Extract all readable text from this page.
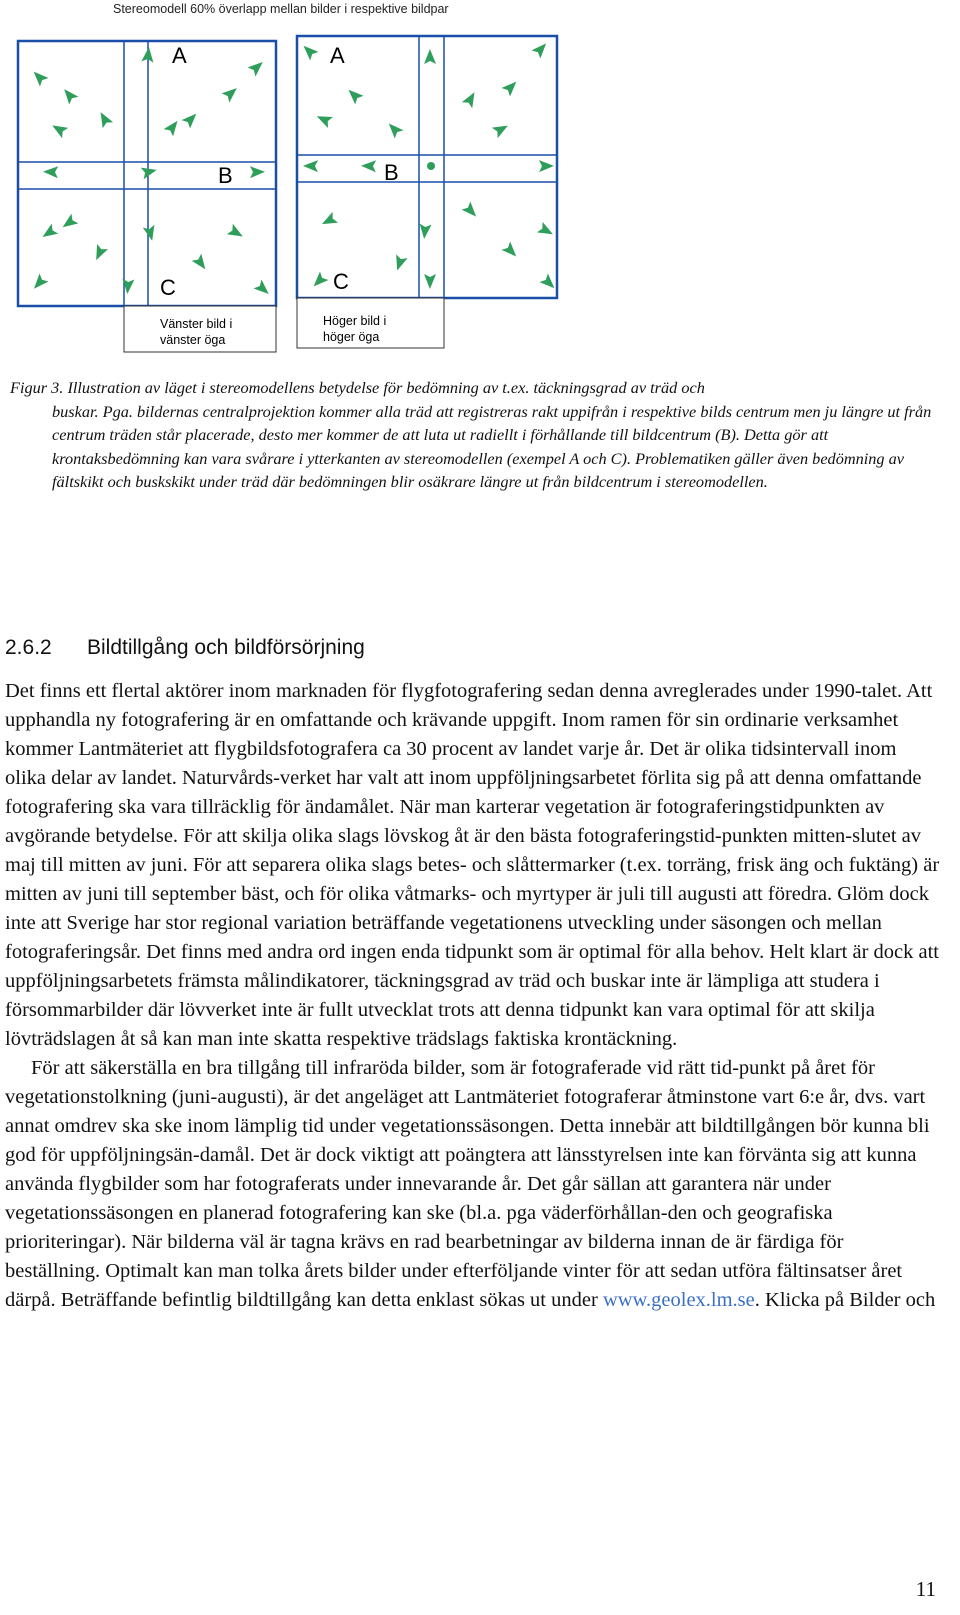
Stereomodell 60% överlapp mellan bilder i respektive bildpar
A
B
C
Vänster bild i
vänster öga
A
B
C
Höger bild i
höger öga
Figur 3. Illustration av läget i stereomodellens betydelse för bedömning av t.ex. täckningsgrad av träd och
buskar. Pga. bildernas centralprojektion kommer alla träd att registreras rakt uppifrån i respektive bilds centrum men ju längre ut från centrum träden står placerade, desto mer kommer de att luta ut radiellt i förhållande till bildcentrum (B). Detta gör att krontaksbedömning kan vara svårare i ytterkanten av stereomodellen (exempel A och C). Problematiken gäller även bedömning av fältskikt och buskskikt under träd där bedömningen blir osäkrare längre ut från bildcentrum i stereomodellen.
2.6.2 Bildtillgång och bildförsörjning

Det finns ett flertal aktörer inom marknaden för flygfotografering sedan denna avreglerades under 1990-talet. Att upphandla ny fotografering är en omfattande och krävande uppgift. Inom ramen för sin ordinarie verksamhet kommer Lantmäteriet att flygbildsfotografera ca 30 procent av landet varje år. Det är olika tidsintervall inom olika delar av landet. Naturvårds-verket har valt att inom uppföljningsarbetet förlita sig på att denna omfattande fotografering ska vara tillräcklig för ändamålet. När man karterar vegetation är fotograferingstidpunkten av avgörande betydelse. För att skilja olika slags lövskog åt är den bästa fotograferingstid-punkten mitten-slutet av maj till mitten av juni. För att separera olika slags betes- och slåttermarker (t.ex. torräng, frisk äng och fuktäng) är mitten av juni till september bäst, och för olika våtmarks- och myrtyper är juli till augusti att föredra. Glöm dock inte att Sverige har stor regional variation beträffande vegetationens utveckling under säsongen och mellan fotograferingsår. Det finns med andra ord ingen enda tidpunkt som är optimal för alla behov. Helt klart är dock att uppföljningsarbetets främsta målindikatorer, täckningsgrad av träd och buskar inte är lämpliga att studera i försommarbilder där lövverket inte är fullt utvecklat trots att denna tidpunkt kan vara optimal för att skilja lövträdslagen åt så kan man inte skatta respektive trädslags faktiska krontäckning.

För att säkerställa en bra tillgång till infraröda bilder, som är fotograferade vid rätt tid-punkt på året för vegetationstolkning (juni-augusti), är det angeläget att Lantmäteriet fotograferar åtminstone vart 6:e år, dvs. vart annat omdrev ska ske inom lämplig tid under vegetationssäsongen. Detta innebär att bildtillgången bör kunna bli god för uppföljningsän-damål. Det är dock viktigt att poängtera att länsstyrelsen inte kan förvänta sig att kunna använda flygbilder som har fotograferats under innevarande år. Det går sällan att garantera när under vegetationssäsongen en planerad fotografering kan ske (bl.a. pga väderförhållan-den och geografiska prioriteringar). När bilderna väl är tagna krävs en rad bearbetningar av bilderna innan de är färdiga för beställning. Optimalt kan man tolka årets bilder under efterföljande vinter för att sedan utföra fältinsatser året därpå. Beträffande befintlig bildtillgång kan detta enklast sökas ut under www.geolex.lm.se. Klicka på Bilder och

11
